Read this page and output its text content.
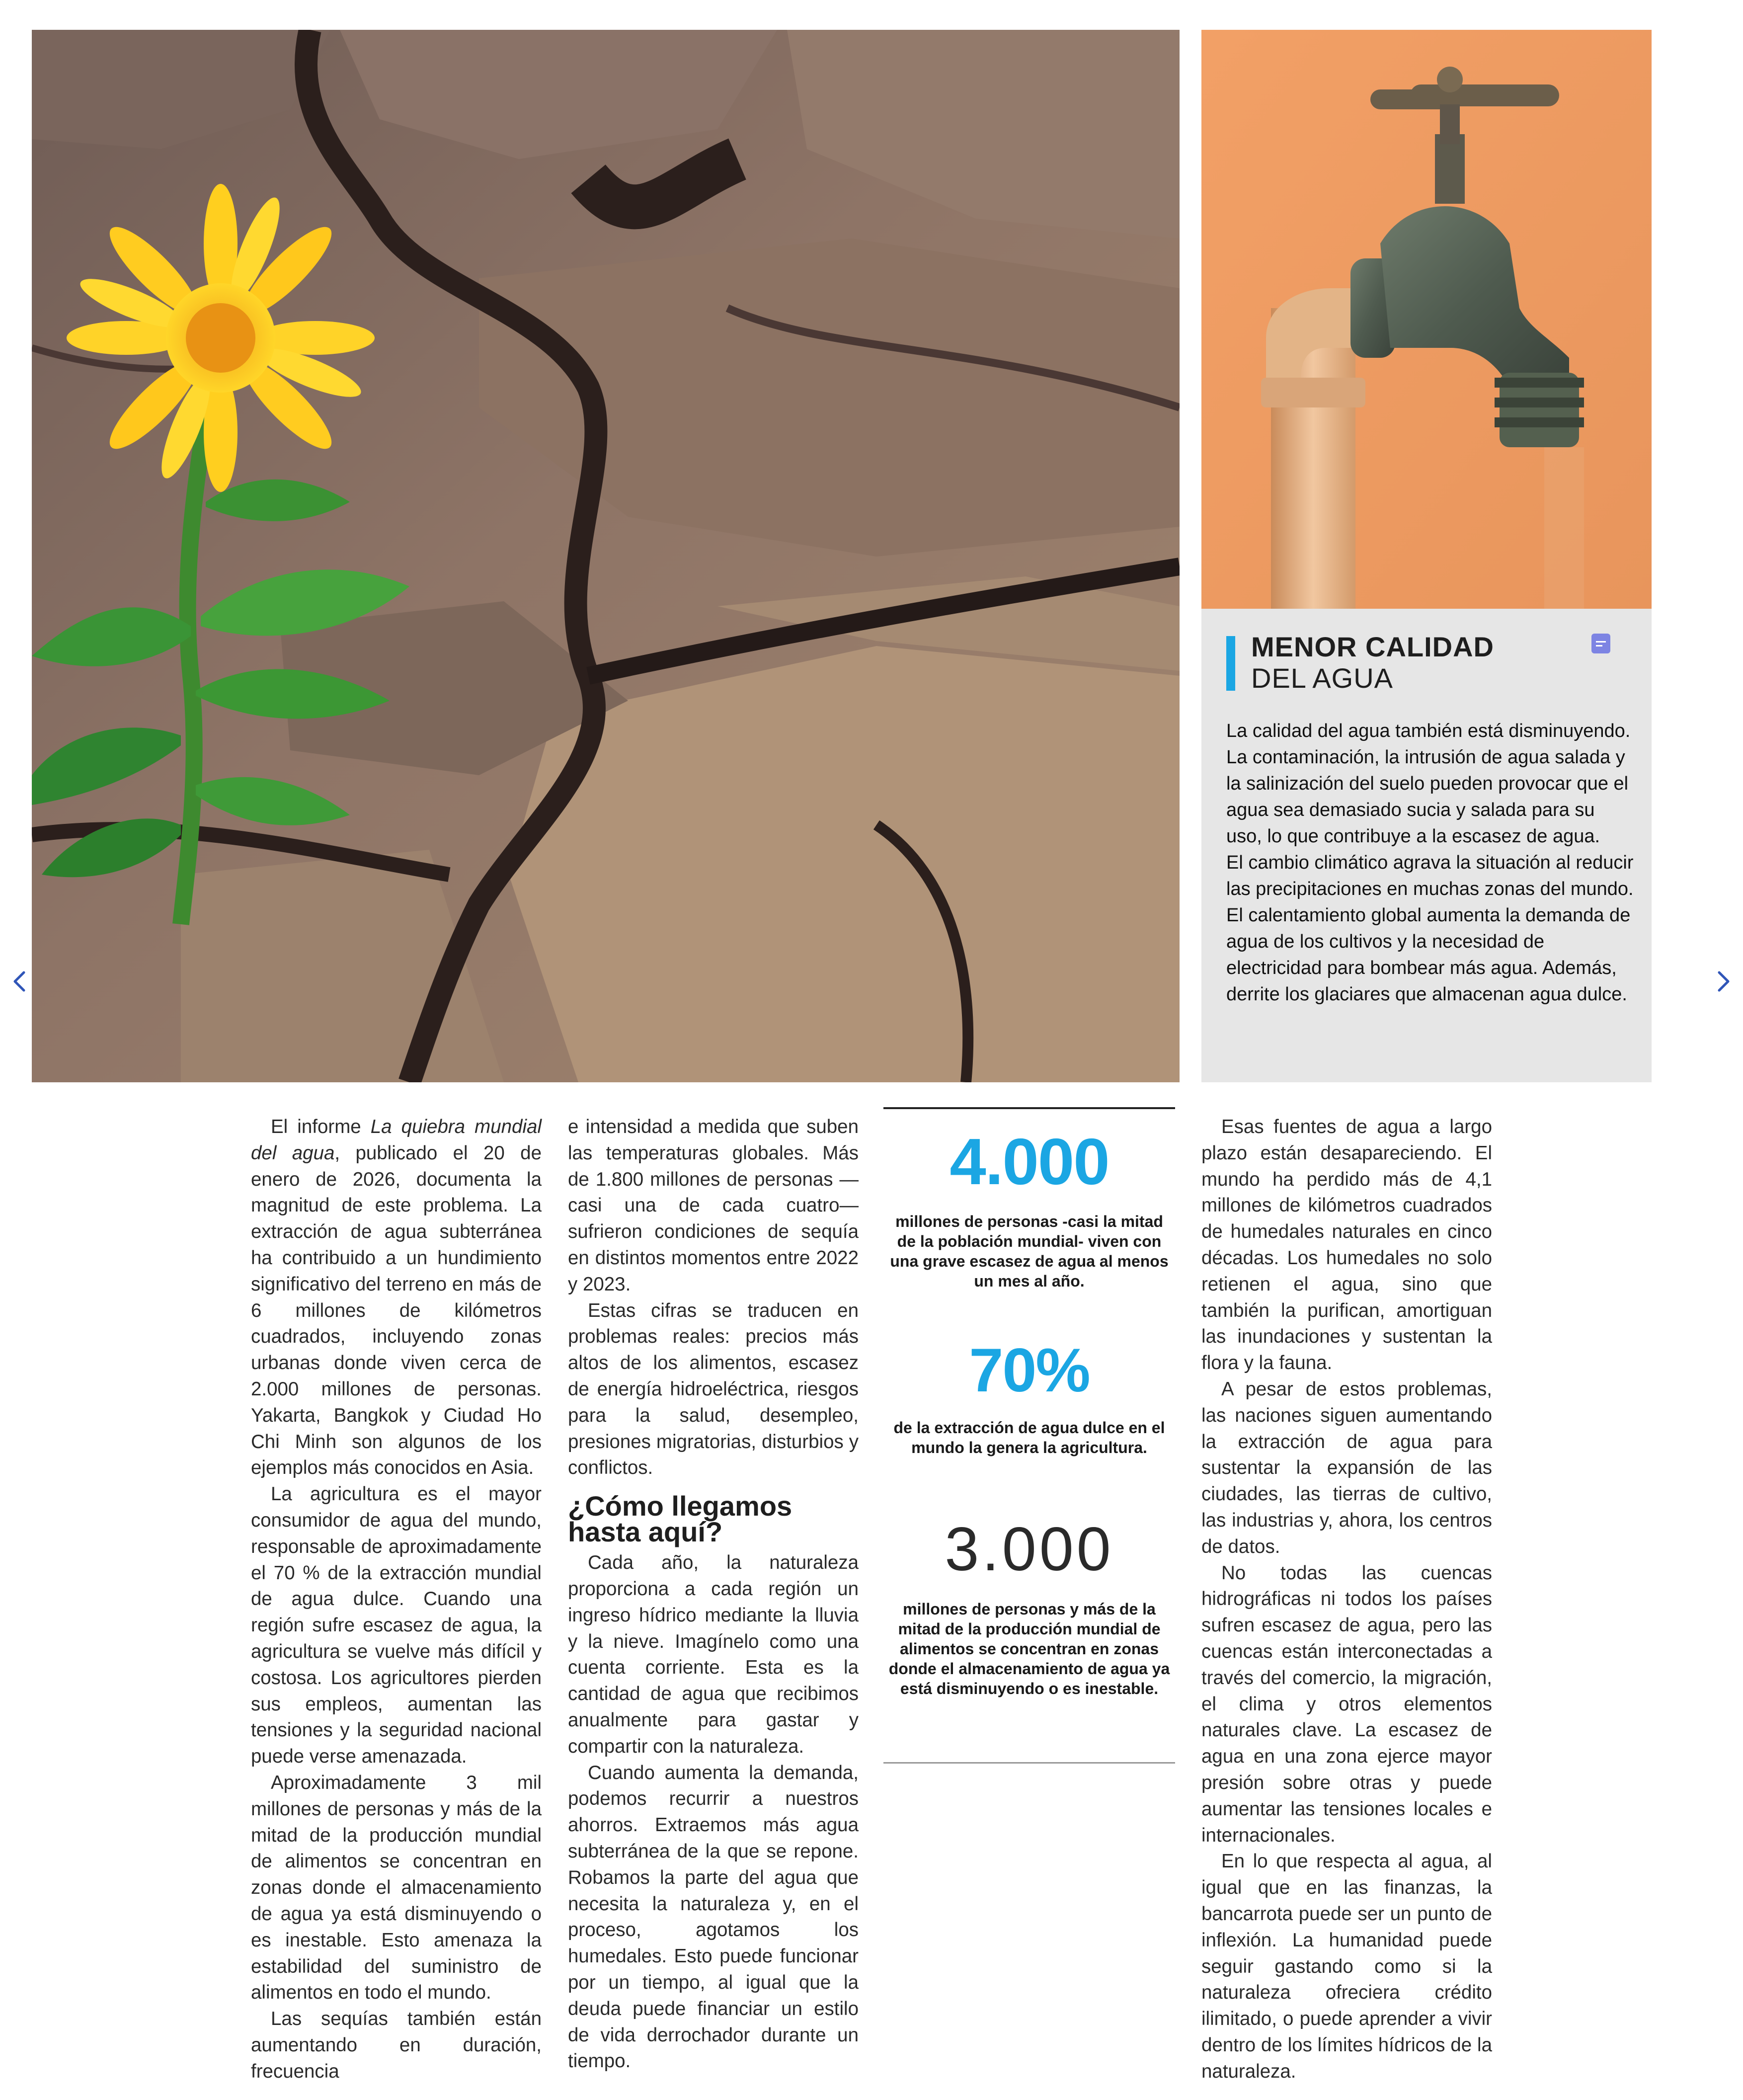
MENOR CALIDAD
DEL AGUA

La calidad del agua también está disminuyendo. La contaminación, la intrusión de agua salada y la salinización del suelo pueden provocar que el agua sea demasiado sucia y salada para su uso, lo que contribuye a la escasez de agua.

El cambio climático agrava la situación al reducir las precipitaciones en muchas zonas del mundo. El calentamiento global aumenta la demanda de agua de los cultivos y la necesidad de electricidad para bombear más agua. Además, derrite los glaciares que almacenan agua dulce.

El informe La quiebra mundial del agua, publicado el 20 de enero de 2026, documenta la magnitud de este problema. La extracción de agua subterránea ha contribuido a un hundimiento significativo del terreno en más de 6 millones de kilómetros cuadrados, incluyendo zonas urbanas donde viven cerca de 2.000 millones de personas. Yakarta, Bangkok y Ciudad Ho Chi Minh son algunos de los ejemplos más conocidos en Asia.

La agricultura es el mayor consumidor de agua del mundo, responsable de aproximadamente el 70 % de la extracción mundial de agua dulce. Cuando una región sufre escasez de agua, la agricultura se vuelve más difícil y costosa. Los agricultores pierden sus empleos, aumentan las tensiones y la seguridad nacional puede verse amenazada.

Aproximadamente 3 mil millones de personas y más de la mitad de la producción mundial de alimentos se concentran en zonas donde el almacenamiento de agua ya está disminuyendo o es inestable. Esto amenaza la estabilidad del suministro de alimentos en todo el mundo.

Las sequías también están aumentando en duración, frecuencia

e intensidad a medida que suben las temperaturas globales. Más de 1.800 millones de personas —casi una de cada cuatro— sufrieron condiciones de sequía en distintos momentos entre 2022 y 2023.

Estas cifras se traducen en problemas reales: precios más altos de los alimentos, escasez de energía hidroeléctrica, riesgos para la salud, desempleo, presiones migratorias, disturbios y conflictos.

¿Cómo llegamos hasta aquí?

Cada año, la naturaleza proporciona a cada región un ingreso hídrico mediante la lluvia y la nieve. Imagínelo como una cuenta corriente. Esta es la cantidad de agua que recibimos anualmente para gastar y compartir con la naturaleza.

Cuando aumenta la demanda, podemos recurrir a nuestros ahorros. Extraemos más agua subterránea de la que se repone. Robamos la parte del agua que necesita la naturaleza y, en el proceso, agotamos los humedales. Esto puede funcionar por un tiempo, al igual que la deuda puede financiar un estilo de vida derrochador durante un tiempo.

4.000
millones de personas -casi la mitad de la población mundial- viven con una grave escasez de agua al menos un mes al año.
70%
de la extracción de agua dulce en el mundo la genera la agricultura.
3.000
millones de personas y más de la mitad de la producción mundial de alimentos se concentran en zonas donde el almacenamiento de agua ya está disminuyendo o es inestable.

Esas fuentes de agua a largo plazo están desapareciendo. El mundo ha perdido más de 4,1 millones de kilómetros cuadrados de humedales naturales en cinco décadas. Los humedales no solo retienen el agua, sino que también la purifican, amortiguan las inundaciones y sustentan la flora y la fauna.

A pesar de estos problemas, las naciones siguen aumentando la extracción de agua para sustentar la expansión de las ciudades, las tierras de cultivo, las industrias y, ahora, los centros de datos.

No todas las cuencas hidrográficas ni todos los países sufren escasez de agua, pero las cuencas están interconectadas a través del comercio, la migración, el clima y otros elementos naturales clave. La escasez de agua en una zona ejerce mayor presión sobre otras y puede aumentar las tensiones locales e internacionales.

En lo que respecta al agua, al igual que en las finanzas, la bancarrota puede ser un punto de inflexión. La humanidad puede seguir gastando como si la naturaleza ofreciera crédito ilimitado, o puede aprender a vivir dentro de los límites hídricos de la naturaleza.
